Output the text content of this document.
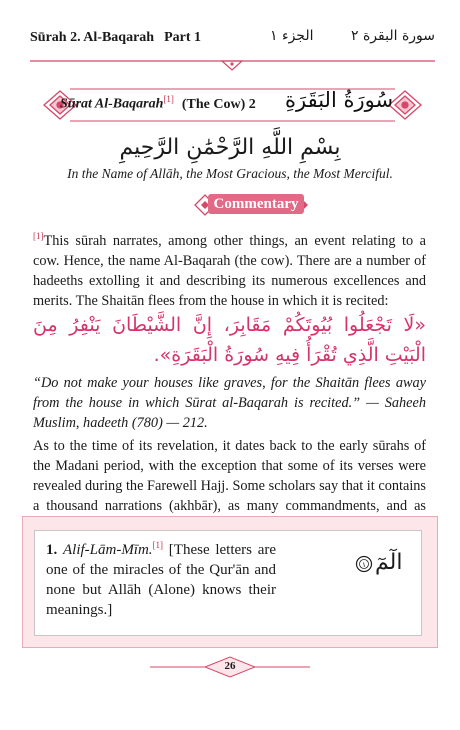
Sūrah 2. Al-Baqarah Part 1	الجزء ١	سورة البقرة ٢
Sūrat Al-Baqarah[1] (The Cow) 2 سُورَةُ البَقَرَةِ
بِسْمِ اللَّهِ الرَّحْمَٰنِ الرَّحِيمِ
In the Name of Allāh, the Most Gracious, the Most Merciful.
Commentary
[1]This sūrah narrates, among other things, an event relating to a cow. Hence, the name Al-Baqarah (the cow). There are a number of hadeeths extolling it and describing its numerous excellences and merits. The Shaitān flees from the house in which it is recited:
«لَا تَجْعَلُوا بُيُوتَكُمْ مَقَابِرَ، إِنَّ الشَّيْطَانَ يَنْفِرُ مِنَ الْبَيْتِ الَّذِي تُقْرَأُ فِيهِ سُورَةُ الْبَقَرَةِ».
“Do not make your houses like graves, for the Shaitān flees away from the house in which Sūrat al-Baqarah is recited.” — Saheeh Muslim, hadeeth (780) — 212.
As to the time of its revelation, it dates back to the early sūrahs of the Madani period, with the exception that some of its verses were revealed during the Farewell Hajj. Some scholars say that it contains a thousand narrations (akhbār), as many commandments, and as
1. Alif-Lām-Mīm.[1] [These letters are one of the miracles of the Qur'ān and none but Allāh (Alone) knows their meanings.]
١ الٓمٓ
26
